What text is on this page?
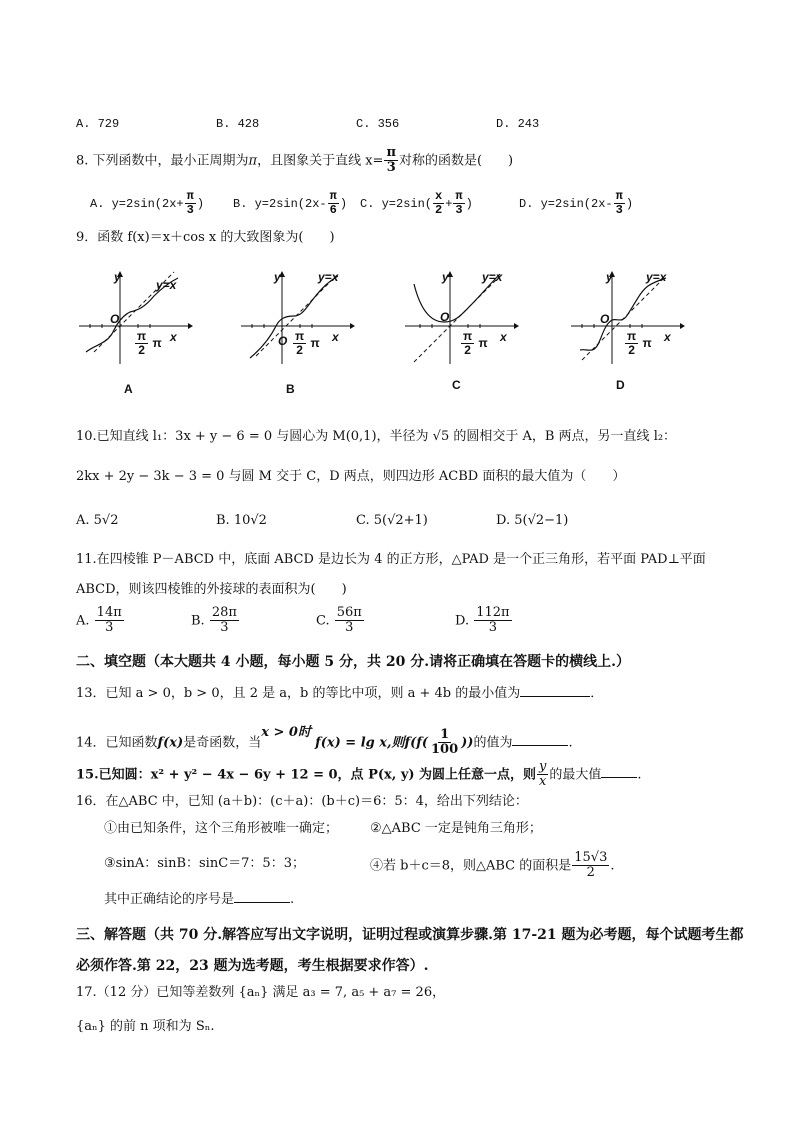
A. 729	B. 428	C. 356	D. 243
8. 下列函数中，最小正周期为π，且图象关于直线 $x= \frac{\pi}{3}$ 对称的函数是(　　)
A. $y=2\sin(2x+ \frac{\pi}{3}$ ) B. $y=2\sin(2x- \frac{\pi}{6}$ ) C. $y=2\sin( \frac{x}{2} + \frac{\pi}{3}$ )	D. $y=2\sin(2x- \frac{\pi}{3}$ )
9．函数 f(x)＝x＋cos x 的大致图象为(　　)
y
y=x
O
x
$\frac{\pi}{2}$ π
A
y	y=x
O	x
$\frac{\pi}{2}$ π
B
y	y=x
O
x
$\frac{\pi}{2}$ π
C
y	y=x
O
x
$\frac{\pi}{2}$ π
D
10.已知直线 l₁：3x + y − 6 = 0 与圆心为 M(0,1)，半径为 √5 的圆相交于 A，B 两点，另一直线 l₂：
2kx + 2y − 3k − 3 = 0 与圆 M 交于 C，D 两点，则四边形 ACBD 面积的最大值为（　　）
A. 5√2	B. 10√2	C. 5(√2+1)	D. 5(√2−1)
11.在四棱锥 P－ABCD 中，底面 ABCD 是边长为 4 的正方形，△PAD 是一个正三角形，若平面 PAD⊥平面
ABCD，则该四棱锥的外接球的表面积为(　　)
A. $\frac{14\pi}{3}$	B. $\frac{28\pi}{3}$	C. $\frac{56\pi}{3}$	D. $\frac{112\pi}{3}$
二、填空题（本大题共 4 小题，每小题 5 分，共 20 分.请将正确填在答题卡的横线上.）
13．已知 a > 0，b > 0，且 2 是 a，b 的等比中项，则 a + 4b 的最小值为	．
14．已知函数f(x)是奇函数，当x > 0时 f(x) = lg x,则$f(f( \frac{1}{100}$ ))的值为	.
15.已知圆：x² + y² − 4x − 6y + 12 = 0，点 P(x, y) 为圆上任意一点，则 $\frac{y}{x}$ 的最大值	.
16．在△ABC 中，已知 (a＋b)：(c＋a)：(b＋c)＝6：5：4，给出下列结论：
①由已知条件，这个三角形被唯一确定； ②△ABC 一定是钝角三角形；
③sinA：sinB：sinC＝7：5：3；	④若 b＋c＝8，则△ABC 的面积是 $\frac{15√3}{2}$ .
其中正确结论的序号是	.
三、解答题（共 70 分.解答应写出文字说明，证明过程或演算步骤.第 17-21 题为必考题，每个试题考生都
必须作答.第 22，23 题为选考题，考生根据要求作答）.
17.（12 分）已知等差数列 {aₙ} 满足 a₃ = 7, a₅ + a₇ = 26，
{aₙ} 的前 n 项和为 Sₙ.
